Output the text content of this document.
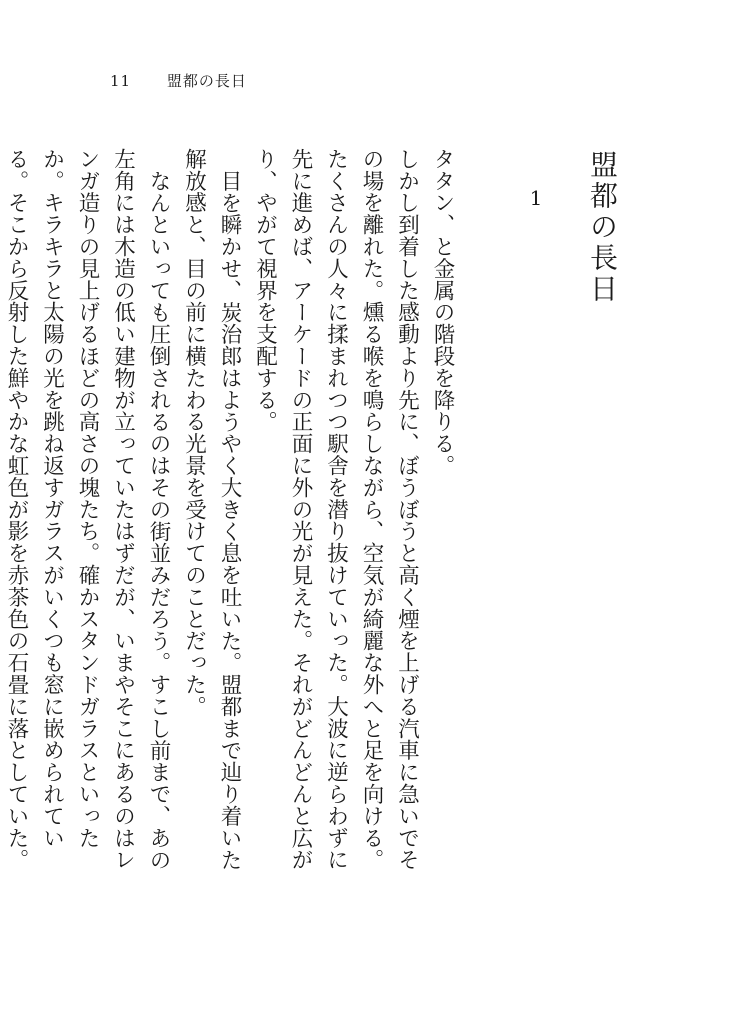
11 盟都の長日
盟都の長日
1

タタン、と金属の階段を降りる。

しかし到着した感動より先に、ぼうぼうと高く煙を上げる汽車に急いでその場を離れた。燻る喉を鳴らしながら、空気が綺麗な外へと足を向ける。たくさんの人々に揉まれつつ駅舎を潜り抜けていった。大波に逆らわずに先に進めば、アーケードの正面に外の光が見えた。それがどんどんと広がり、やがて視界を支配する。

目を瞬かせ、炭治郎はようやく大きく息を吐いた。盟都まで辿り着いた解放感と、目の前に横たわる光景を受けてのことだった。

なんといっても圧倒されるのはその街並みだろう。すこし前まで、あの左角には木造の低い建物が立っていたはずだが、いまやそこにあるのはレンガ造りの見上げるほどの高さの塊たち。確かスタンドガラスといったか。キラキラと太陽の光を跳ね返すガラスがいくつも窓に嵌められている。そこから反射した鮮やかな虹色が影を赤茶色の石畳に落としていた。
